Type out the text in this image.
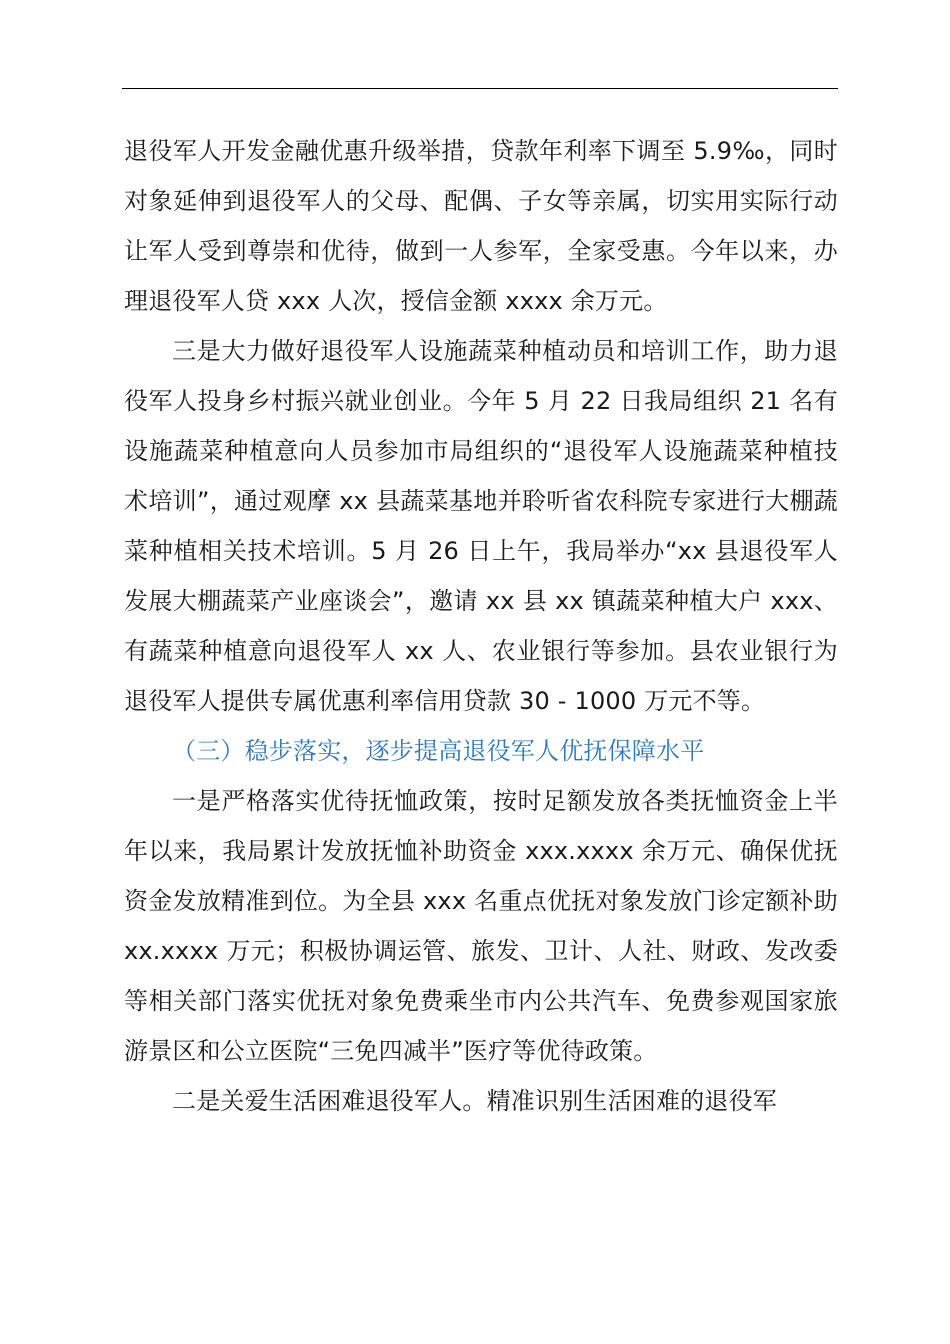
退役军人开发金融优惠升级举措，贷款年利率下调至 5.9‰，同时对象延伸到退役军人的父母、配偶、子女等亲属，切实用实际行动让军人受到尊崇和优待，做到一人参军，全家受惠。今年以来，办理退役军人贷 xxx 人次，授信金额 xxxx 余万元。

三是大力做好退役军人设施蔬菜种植动员和培训工作，助力退役军人投身乡村振兴就业创业。今年 5 月 22 日我局组织 21 名有设施蔬菜种植意向人员参加市局组织的“退役军人设施蔬菜种植技术培训”，通过观摩 xx 县蔬菜基地并聆听省农科院专家进行大棚蔬菜种植相关技术培训。5 月 26 日上午，我局举办“xx 县退役军人发展大棚蔬菜产业座谈会”，邀请 xx 县 xx 镇蔬菜种植大户 xxx、有蔬菜种植意向退役军人 xx 人、农业银行等参加。县农业银行为退役军人提供专属优惠利率信用贷款 30 - 1000 万元不等。

（三）稳步落实，逐步提高退役军人优抚保障水平

一是严格落实优待抚恤政策，按时足额发放各类抚恤资金上半年以来，我局累计发放抚恤补助资金 xxx.xxxx 余万元、确保优抚资金发放精准到位。为全县 xxx 名重点优抚对象发放门诊定额补助 xx.xxxx 万元；积极协调运管、旅发、卫计、人社、财政、发改委等相关部门落实优抚对象免费乘坐市内公共汽车、免费参观国家旅游景区和公立医院“三免四减半”医疗等优待政策。

二是关爱生活困难退役军人。精准识别生活困难的退役军
